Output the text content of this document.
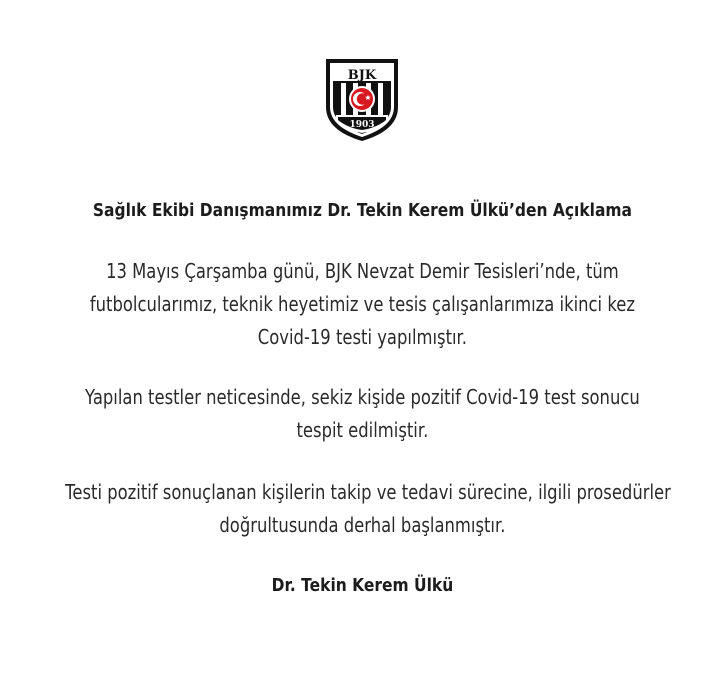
BJK
1903
Sağlık Ekibi Danışmanımız Dr. Tekin Kerem Ülkü’den Açıklama

13 Mayıs Çarşamba günü, BJK Nevzat Demir Tesisleri’nde, tüm
futbolcularımız, teknik heyetimiz ve tesis çalışanlarımıza ikinci kez
Covid-19 testi yapılmıştır.

Yapılan testler neticesinde, sekiz kişide pozitif Covid-19 test sonucu
tespit edilmiştir.

Testi pozitif sonuçlanan kişilerin takip ve tedavi sürecine, ilgili prosedürler
doğrultusunda derhal başlanmıştır.

Dr. Tekin Kerem Ülkü
